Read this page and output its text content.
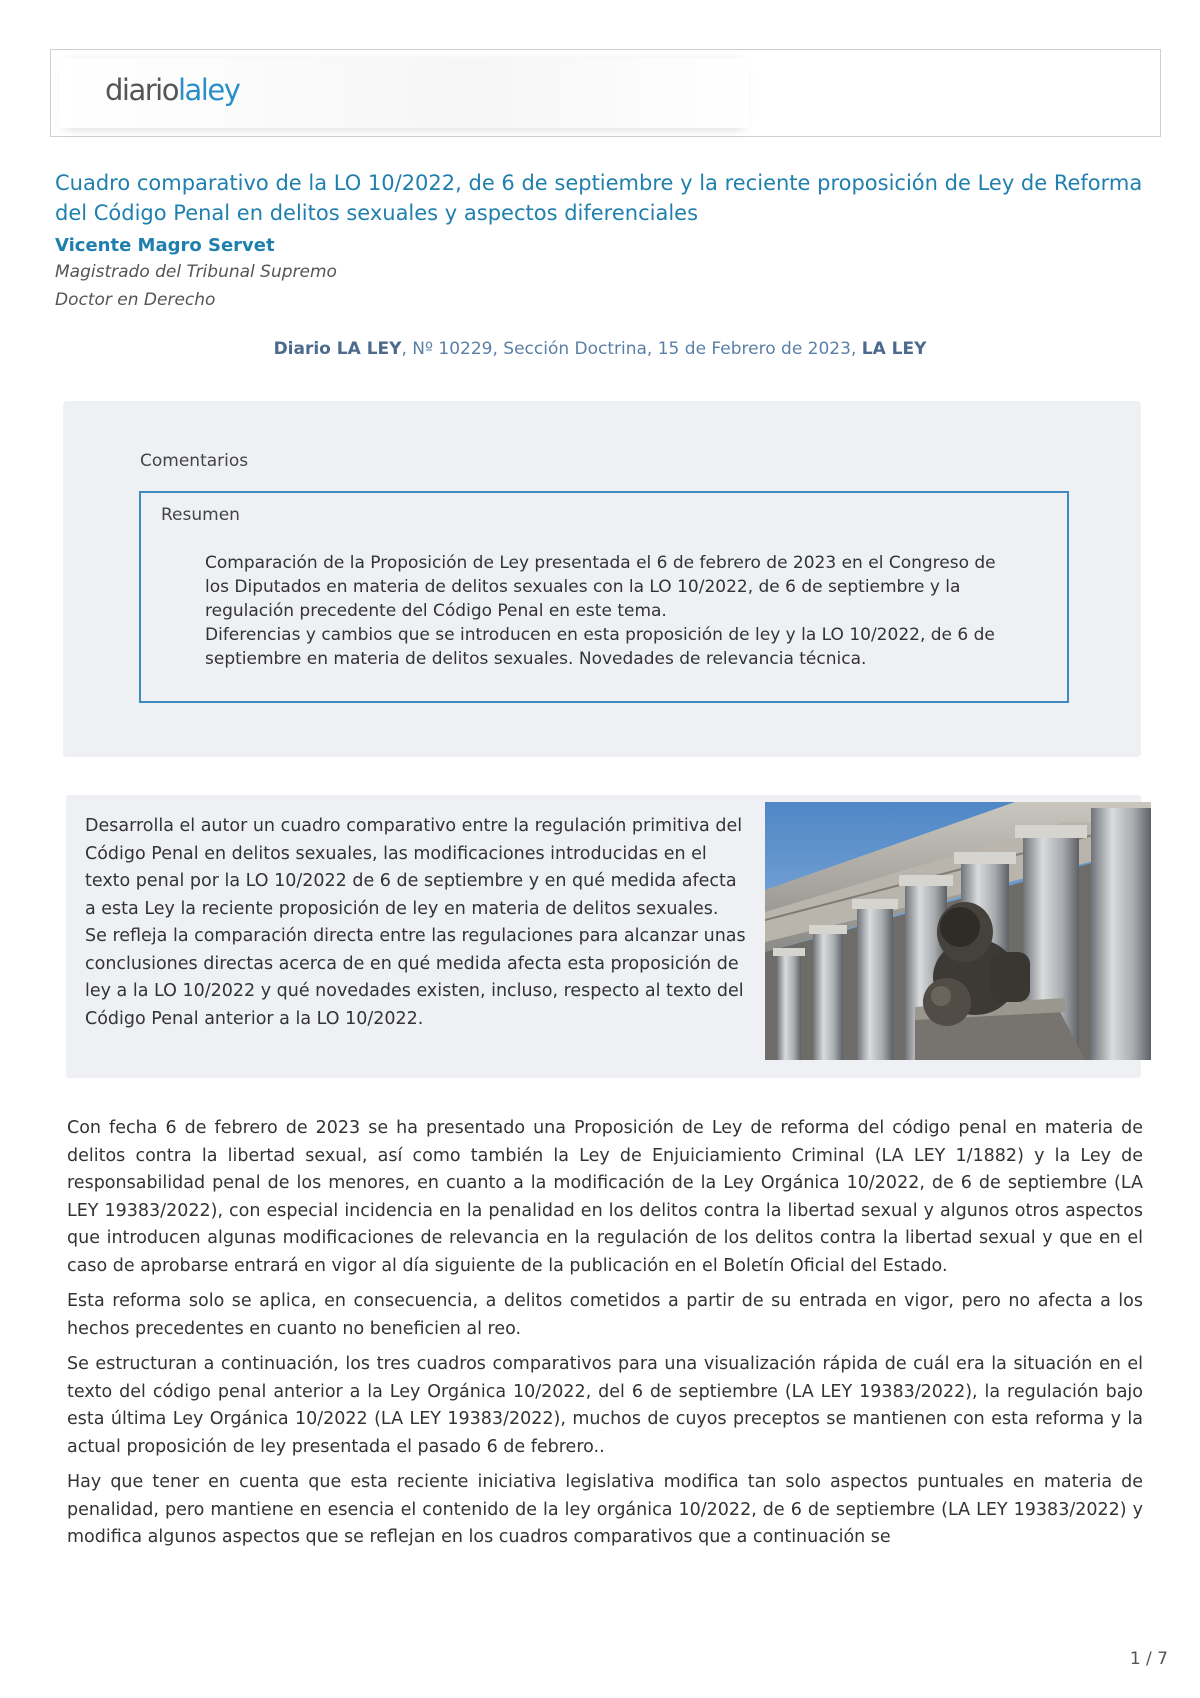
diariolaley
Cuadro comparativo de la LO 10/2022, de 6 de septiembre y la reciente proposición de Ley de Reforma del Código Penal en delitos sexuales y aspectos diferenciales

Vicente Magro Servet

Magistrado del Tribunal Supremo

Doctor en Derecho

Diario LA LEY, Nº 10229, Sección Doctrina, 15 de Febrero de 2023, LA LEY
Comentarios
Resumen

Comparación de la Proposición de Ley presentada el 6 de febrero de 2023 en el Congreso de los Diputados en materia de delitos sexuales con la LO 10/2022, de 6 de septiembre y la regulación precedente del Código Penal en este tema.

Diferencias y cambios que se introducen en esta proposición de ley y la LO 10/2022, de 6 de septiembre en materia de delitos sexuales. Novedades de relevancia técnica.

Desarrolla el autor un cuadro comparativo entre la regulación primitiva del Código Penal en delitos sexuales, las modificaciones introducidas en el texto penal por la LO 10/2022 de 6 de septiembre y en qué medida afecta a esta Ley la reciente proposición de ley en materia de delitos sexuales.

Se refleja la comparación directa entre las regulaciones para alcanzar unas conclusiones directas acerca de en qué medida afecta esta proposición de ley a la LO 10/2022 y qué novedades existen, incluso, respecto al texto del Código Penal anterior a la LO 10/2022.

Con fecha 6 de febrero de 2023 se ha presentado una Proposición de Ley de reforma del código penal en materia de delitos contra la libertad sexual, así como también la Ley de Enjuiciamiento Criminal (LA LEY 1/1882) y la Ley de responsabilidad penal de los menores, en cuanto a la modificación de la Ley Orgánica 10/2022, de 6 de septiembre (LA LEY 19383/2022), con especial incidencia en la penalidad en los delitos contra la libertad sexual y algunos otros aspectos que introducen algunas modificaciones de relevancia en la regulación de los delitos contra la libertad sexual y que en el caso de aprobarse entrará en vigor al día siguiente de la publicación en el Boletín Oficial del Estado.

Esta reforma solo se aplica, en consecuencia, a delitos cometidos a partir de su entrada en vigor, pero no afecta a los hechos precedentes en cuanto no beneficien al reo.

Se estructuran a continuación, los tres cuadros comparativos para una visualización rápida de cuál era la situación en el texto del código penal anterior a la Ley Orgánica 10/2022, del 6 de septiembre (LA LEY 19383/2022), la regulación bajo esta última Ley Orgánica 10/2022 (LA LEY 19383/2022), muchos de cuyos preceptos se mantienen con esta reforma y la actual proposición de ley presentada el pasado 6 de febrero..

Hay que tener en cuenta que esta reciente iniciativa legislativa modifica tan solo aspectos puntuales en materia de penalidad, pero mantiene en esencia el contenido de la ley orgánica 10/2022, de 6 de septiembre (LA LEY 19383/2022) y modifica algunos aspectos que se reflejan en los cuadros comparativos que a continuación se

1 / 7
